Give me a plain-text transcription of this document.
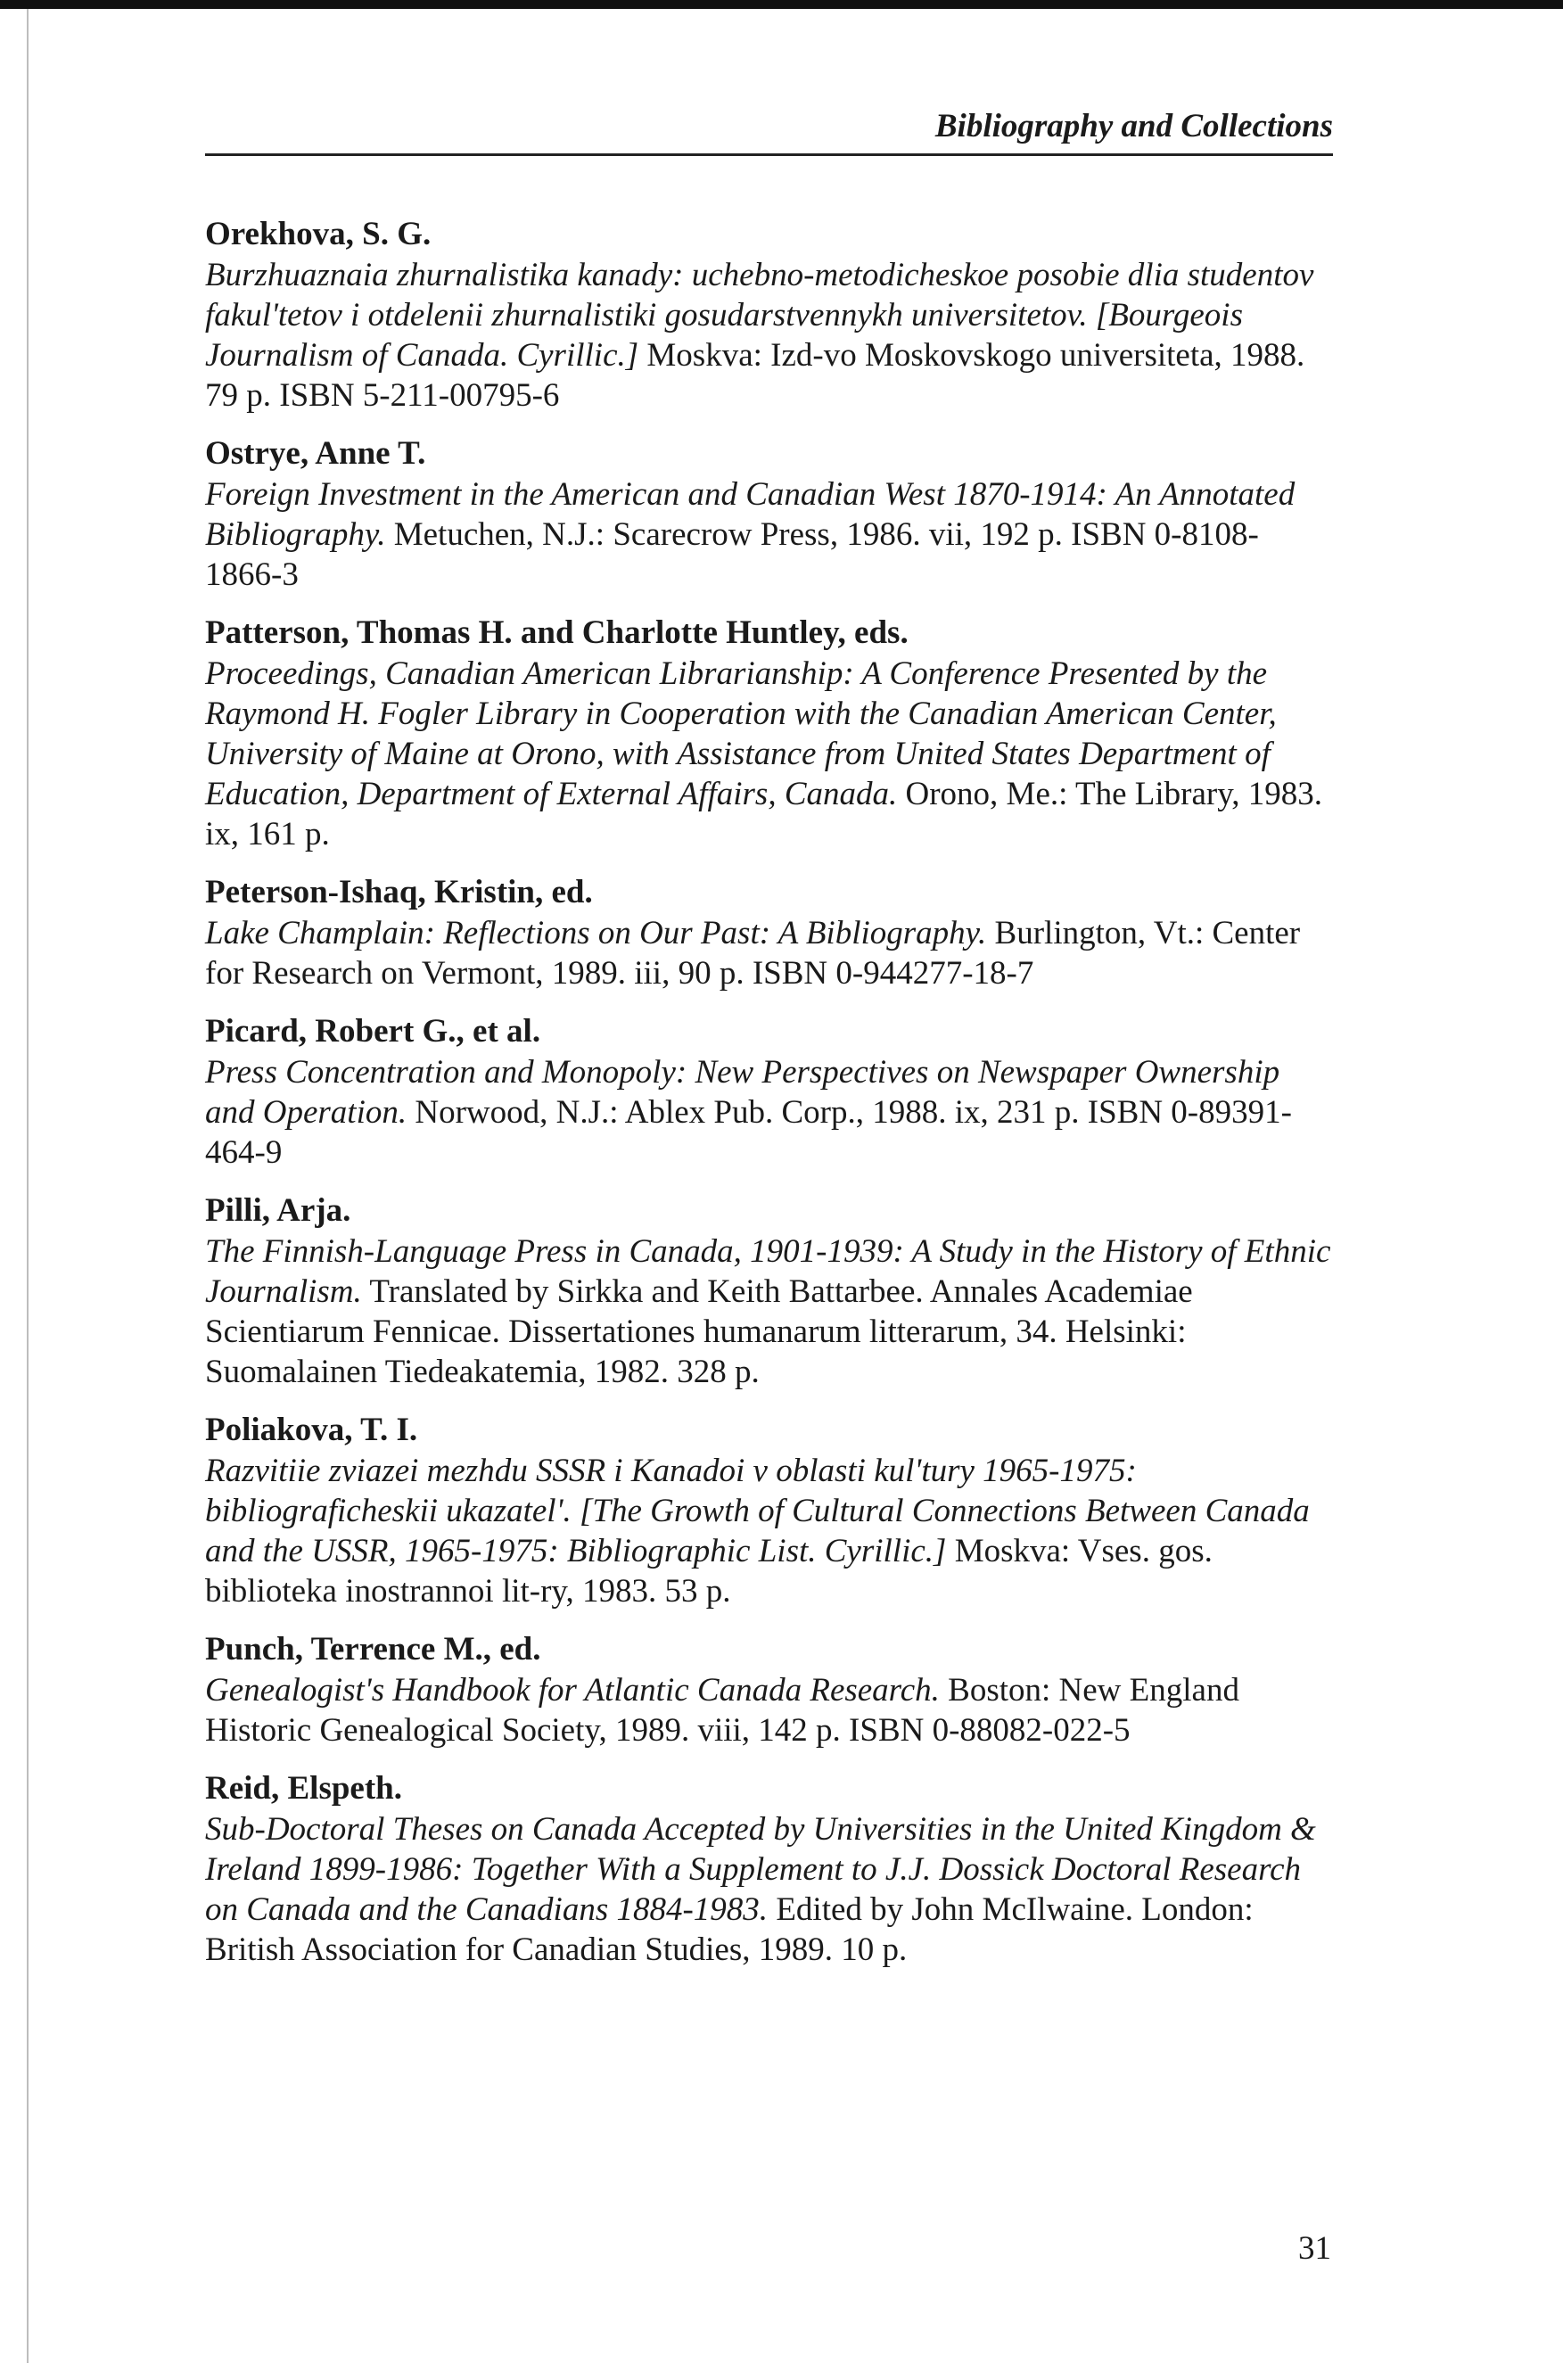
Bibliography and Collections
Orekhova, S. G.
Burzhuaznaia zhurnalistika kanady: uchebno-metodicheskoe posobie dlia studentov fakul'tetov i otdelenii zhurnalistiki gosudarstvennykh universitetov. [Bourgeois Journalism of Canada. Cyrillic.] Moskva: Izd-vo Moskovskogo universiteta, 1988. 79 p. ISBN 5-211-00795-6
Ostrye, Anne T.
Foreign Investment in the American and Canadian West 1870-1914: An Annotated Bibliography. Metuchen, N.J.: Scarecrow Press, 1986. vii, 192 p. ISBN 0-8108-1866-3
Patterson, Thomas H. and Charlotte Huntley, eds.
Proceedings, Canadian American Librarianship: A Conference Presented by the Raymond H. Fogler Library in Cooperation with the Canadian American Center, University of Maine at Orono, with Assistance from United States Department of Education, Department of External Affairs, Canada. Orono, Me.: The Library, 1983. ix, 161 p.
Peterson-Ishaq, Kristin, ed.
Lake Champlain: Reflections on Our Past: A Bibliography. Burlington, Vt.: Center for Research on Vermont, 1989. iii, 90 p. ISBN 0-944277-18-7
Picard, Robert G., et al.
Press Concentration and Monopoly: New Perspectives on Newspaper Ownership and Operation. Norwood, N.J.: Ablex Pub. Corp., 1988. ix, 231 p. ISBN 0-89391-464-9
Pilli, Arja.
The Finnish-Language Press in Canada, 1901-1939: A Study in the History of Ethnic Journalism. Translated by Sirkka and Keith Battarbee. Annales Academiae Scientiarum Fennicae. Dissertationes humanarum litterarum, 34. Helsinki: Suomalainen Tiedeakatemia, 1982. 328 p.
Poliakova, T. I.
Razvitiie zviazei mezhdu SSSR i Kanadoi v oblasti kul'tury 1965-1975: bibliograficheskii ukazatel'. [The Growth of Cultural Connections Between Canada and the USSR, 1965-1975: Bibliographic List. Cyrillic.] Moskva: Vses. gos. biblioteka inostrannoi lit-ry, 1983. 53 p.
Punch, Terrence M., ed.
Genealogist's Handbook for Atlantic Canada Research. Boston: New England Historic Genealogical Society, 1989. viii, 142 p. ISBN 0-88082-022-5
Reid, Elspeth.
Sub-Doctoral Theses on Canada Accepted by Universities in the United Kingdom & Ireland 1899-1986: Together With a Supplement to J.J. Dossick Doctoral Research on Canada and the Canadians 1884-1983. Edited by John McIlwaine. London: British Association for Canadian Studies, 1989. 10 p.
31
